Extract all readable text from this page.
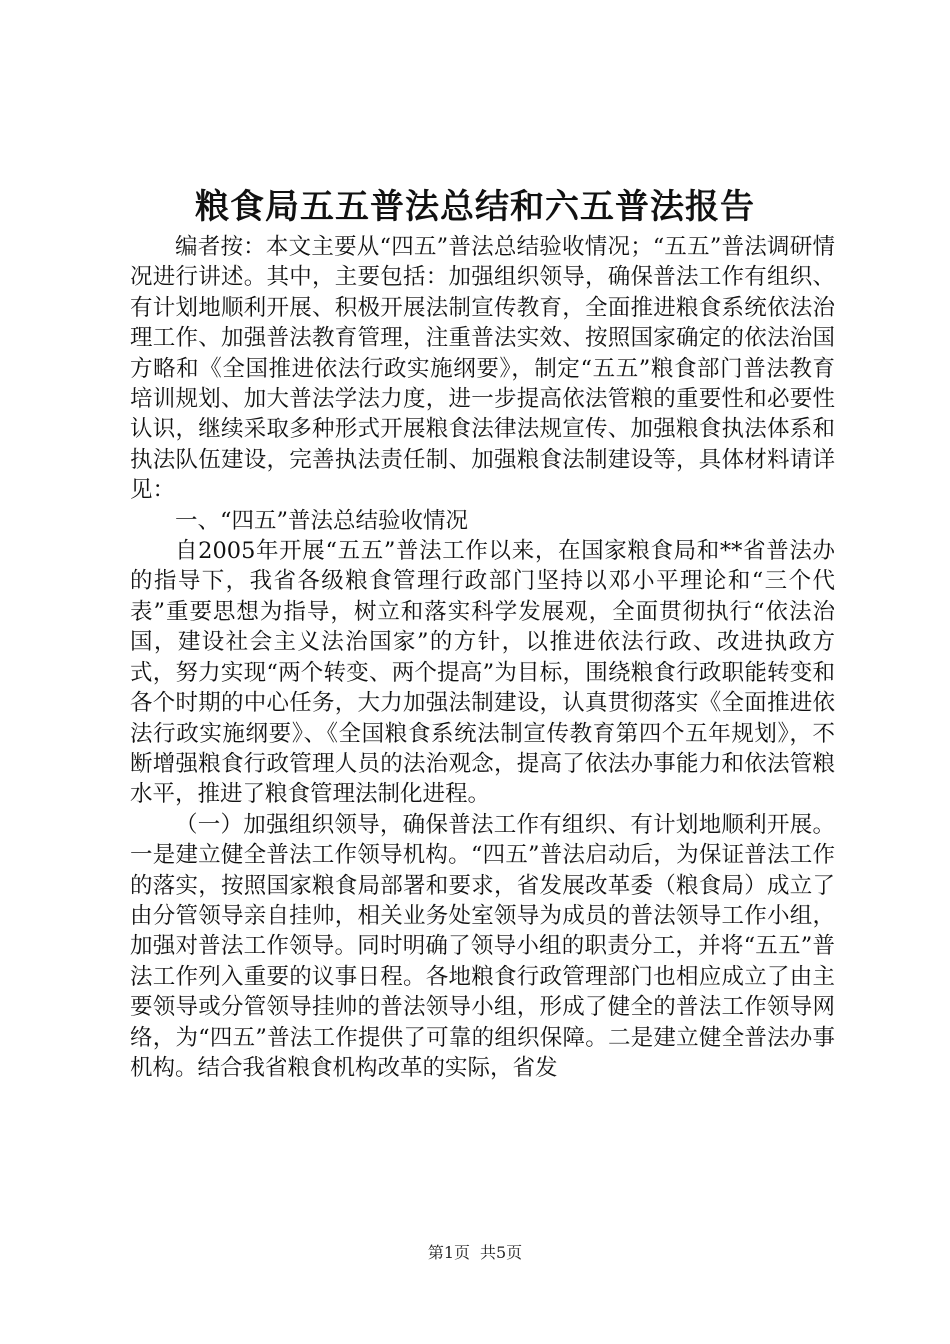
粮食局五五普法总结和六五普法报告

编者按：本文主要从“四五”普法总结验收情况；“五五”普法调研情况进行讲述。其中，主要包括：加强组织领导，确保普法工作有组织、有计划地顺利开展、积极开展法制宣传教育，全面推进粮食系统依法治理工作、加强普法教育管理，注重普法实效、按照国家确定的依法治国方略和《全国推进依法行政实施纲要》，制定“五五”粮食部门普法教育培训规划、加大普法学法力度，进一步提高依法管粮的重要性和必要性认识，继续采取多种形式开展粮食法律法规宣传、加强粮食执法体系和执法队伍建设，完善执法责任制、加强粮食法制建设等，具体材料请详见：

一、“四五”普法总结验收情况

自2005年开展“五五”普法工作以来，在国家粮食局和**省普法办的指导下，我省各级粮食管理行政部门坚持以邓小平理论和“三个代表”重要思想为指导，树立和落实科学发展观，全面贯彻执行“依法治国，建设社会主义法治国家”的方针，以推进依法行政、改进执政方式，努力实现“两个转变、两个提高”为目标，围绕粮食行政职能转变和各个时期的中心任务，大力加强法制建设，认真贯彻落实《全面推进依法行政实施纲要》、《全国粮食系统法制宣传教育第四个五年规划》，不断增强粮食行政管理人员的法治观念，提高了依法办事能力和依法管粮水平，推进了粮食管理法制化进程。

（一）加强组织领导，确保普法工作有组织、有计划地顺利开展。一是建立健全普法工作领导机构。“四五”普法启动后，为保证普法工作的落实，按照国家粮食局部署和要求，省发展改革委（粮食局）成立了由分管领导亲自挂帅，相关业务处室领导为成员的普法领导工作小组，加强对普法工作领导。同时明确了领导小组的职责分工，并将“五五”普法工作列入重要的议事日程。各地粮食行政管理部门也相应成立了由主要领导或分管领导挂帅的普法领导小组，形成了健全的普法工作领导网络，为“四五”普法工作提供了可靠的组织保障。二是建立健全普法办事机构。结合我省粮食机构改革的实际，省发

第1页 共5页
